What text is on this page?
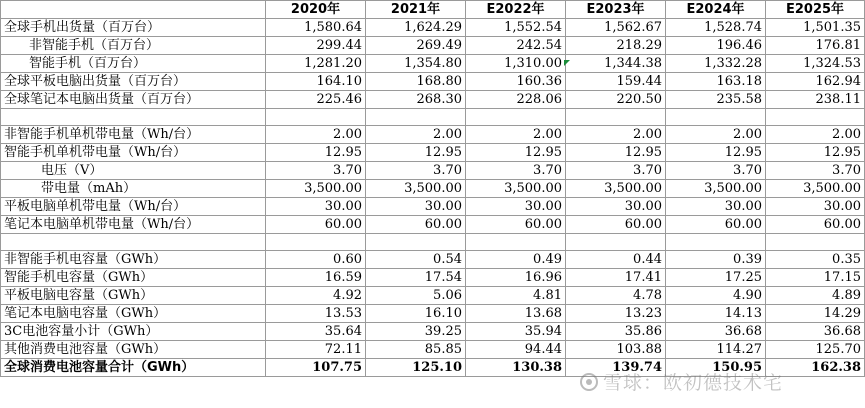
	2020年	2021年	E2022年	E2023年	E2024年	E2025年
全球手机出货量（百万台）	1,580.64	1,624.29	1,552.54	1,562.67	1,528.74	1,501.35
非智能手机（百万台）	299.44	269.49	242.54	218.29	196.46	176.81
智能手机（百万台）	1,281.20	1,354.80	1,310.00	1,344.38	1,332.28	1,324.53
全球平板电脑出货量（百万台）	164.10	168.80	160.36	159.44	163.18	162.94
全球笔记本电脑出货量（百万台）	225.46	268.30	228.06	220.50	235.58	238.11

非智能手机单机带电量（Wh/台）	2.00	2.00	2.00	2.00	2.00	2.00
智能手机单机带电量（Wh/台）	12.95	12.95	12.95	12.95	12.95	12.95
电压（V）	3.70	3.70	3.70	3.70	3.70	3.70
带电量（mAh）	3,500.00	3,500.00	3,500.00	3,500.00	3,500.00	3,500.00
平板电脑单机带电量（Wh/台）	30.00	30.00	30.00	30.00	30.00	30.00
笔记本电脑单机带电量（Wh/台）	60.00	60.00	60.00	60.00	60.00	60.00

非智能手机电容量（GWh）	0.60	0.54	0.49	0.44	0.39	0.35
智能手机电容量（GWh）	16.59	17.54	16.96	17.41	17.25	17.15
平板电脑电容量（GWh）	4.92	5.06	4.81	4.78	4.90	4.89
笔记本电脑电容量（GWh）	13.53	16.10	13.68	13.23	14.13	14.29
3C电池容量小计（GWh）	35.64	39.25	35.94	35.86	36.68	36.68
其他消费电池容量（GWh）	72.11	85.85	94.44	103.88	114.27	125.70
全球消费电池容量合计（GWh）	107.75	125.10	130.38	139.74	150.95	162.38
雪球：欧初德技术宅
